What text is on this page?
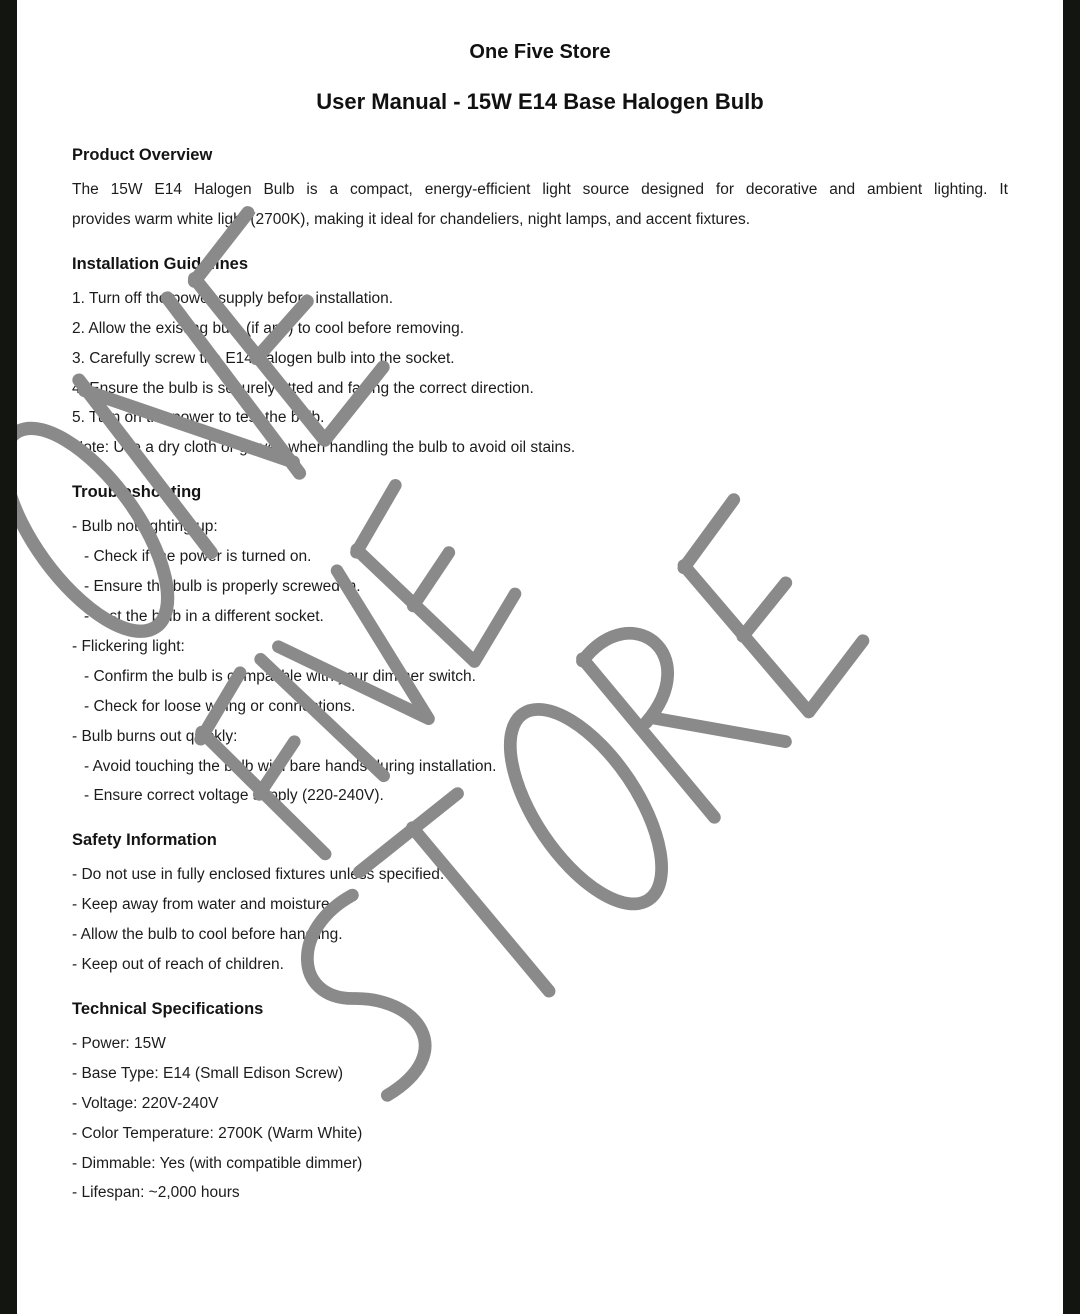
One Five Store
User Manual - 15W E14 Base Halogen Bulb
Product Overview
The 15W E14 Halogen Bulb is a compact, energy-efficient light source designed for decorative and ambient lighting. It
provides warm white light (2700K), making it ideal for chandeliers, night lamps, and accent fixtures.
Installation Guidelines
1. Turn off the power supply before installation.
2. Allow the existing bulb (if any) to cool before removing.
3. Carefully screw the E14 halogen bulb into the socket.
4. Ensure the bulb is securely fitted and facing the correct direction.
5. Turn on the power to test the bulb.
Note: Use a dry cloth or gloves when handling the bulb to avoid oil stains.
Troubleshooting
- Bulb not lighting up:
- Check if the power is turned on.
- Ensure the bulb is properly screwed in.
- Test the bulb in a different socket.
- Flickering light:
- Confirm the bulb is compatible with your dimmer switch.
- Check for loose wiring or connections.
- Bulb burns out quickly:
- Avoid touching the bulb with bare hands during installation.
- Ensure correct voltage supply (220-240V).
Safety Information
- Do not use in fully enclosed fixtures unless specified.
- Keep away from water and moisture.
- Allow the bulb to cool before handling.
- Keep out of reach of children.
Technical Specifications
- Power: 15W
- Base Type: E14 (Small Edison Screw)
- Voltage: 220V-240V
- Color Temperature: 2700K (Warm White)
- Dimmable: Yes (with compatible dimmer)
- Lifespan: ~2,000 hours
